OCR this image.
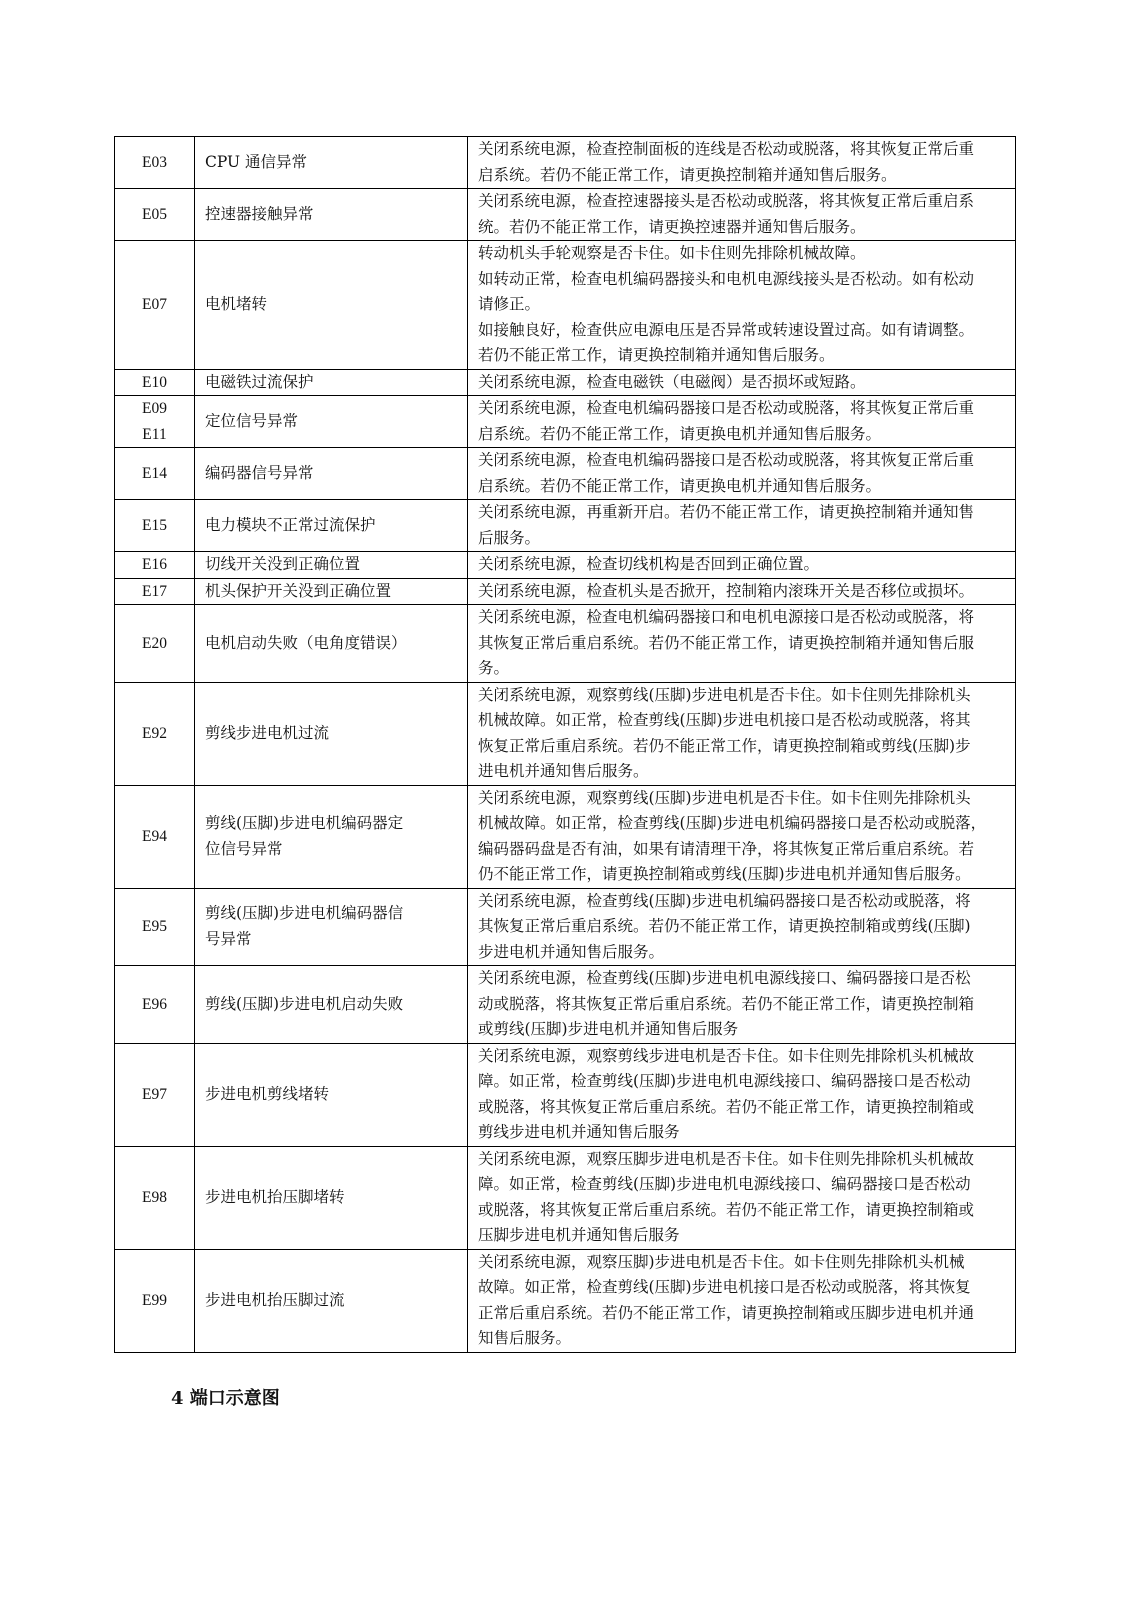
E03	CPU 通信异常	关闭系统电源，检查控制面板的连线是否松动或脱落，将其恢复正常后重
启系统。若仍不能正常工作，请更换控制箱并通知售后服务。

E05	控速器接触异常	关闭系统电源，检查控速器接头是否松动或脱落，将其恢复正常后重启系
统。若仍不能正常工作，请更换控速器并通知售后服务。

E07	电机堵转	转动机头手轮观察是否卡住。如卡住则先排除机械故障。
如转动正常，检查电机编码器接头和电机电源线接头是否松动。如有松动
请修正。
如接触良好，检查供应电源电压是否异常或转速设置过高。如有请调整。
若仍不能正常工作，请更换控制箱并通知售后服务。

E10	电磁铁过流保护	关闭系统电源，检查电磁铁（电磁阀）是否损坏或短路。

E09
E11	定位信号异常	关闭系统电源，检查电机编码器接口是否松动或脱落，将其恢复正常后重
启系统。若仍不能正常工作，请更换电机并通知售后服务。

E14	编码器信号异常	关闭系统电源，检查电机编码器接口是否松动或脱落，将其恢复正常后重
启系统。若仍不能正常工作，请更换电机并通知售后服务。

E15	电力模块不正常过流保护	关闭系统电源，再重新开启。若仍不能正常工作，请更换控制箱并通知售
后服务。

E16	切线开关没到正确位置	关闭系统电源，检查切线机构是否回到正确位置。

E17	机头保护开关没到正确位置	关闭系统电源，检查机头是否掀开，控制箱内滚珠开关是否移位或损坏。

E20	电机启动失败（电角度错误）	关闭系统电源，检查电机编码器接口和电机电源接口是否松动或脱落，将
其恢复正常后重启系统。若仍不能正常工作，请更换控制箱并通知售后服
务。

E92	剪线步进电机过流	关闭系统电源，观察剪线(压脚)步进电机是否卡住。如卡住则先排除机头
机械故障。如正常，检查剪线(压脚)步进电机接口是否松动或脱落，将其
恢复正常后重启系统。若仍不能正常工作，请更换控制箱或剪线(压脚)步
进电机并通知售后服务。

E94	剪线(压脚)步进电机编码器定
位信号异常	关闭系统电源，观察剪线(压脚)步进电机是否卡住。如卡住则先排除机头
机械故障。如正常，检查剪线(压脚)步进电机编码器接口是否松动或脱落，
编码器码盘是否有油，如果有请清理干净，将其恢复正常后重启系统。若
仍不能正常工作，请更换控制箱或剪线(压脚)步进电机并通知售后服务。

E95	剪线(压脚)步进电机编码器信
号异常	关闭系统电源，检查剪线(压脚)步进电机编码器接口是否松动或脱落，将
其恢复正常后重启系统。若仍不能正常工作，请更换控制箱或剪线(压脚)
步进电机并通知售后服务。

E96	剪线(压脚)步进电机启动失败	关闭系统电源，检查剪线(压脚)步进电机电源线接口、编码器接口是否松
动或脱落，将其恢复正常后重启系统。若仍不能正常工作，请更换控制箱
或剪线(压脚)步进电机并通知售后服务

E97	步进电机剪线堵转	关闭系统电源，观察剪线步进电机是否卡住。如卡住则先排除机头机械故
障。如正常，检查剪线(压脚)步进电机电源线接口、编码器接口是否松动
或脱落，将其恢复正常后重启系统。若仍不能正常工作，请更换控制箱或
剪线步进电机并通知售后服务

E98	步进电机抬压脚堵转	关闭系统电源，观察压脚步进电机是否卡住。如卡住则先排除机头机械故
障。如正常，检查剪线(压脚)步进电机电源线接口、编码器接口是否松动
或脱落，将其恢复正常后重启系统。若仍不能正常工作，请更换控制箱或
压脚步进电机并通知售后服务

E99	步进电机抬压脚过流	关闭系统电源，观察压脚)步进电机是否卡住。如卡住则先排除机头机械
故障。如正常，检查剪线(压脚)步进电机接口是否松动或脱落，将其恢复
正常后重启系统。若仍不能正常工作，请更换控制箱或压脚步进电机并通
知售后服务。
4 端口示意图
